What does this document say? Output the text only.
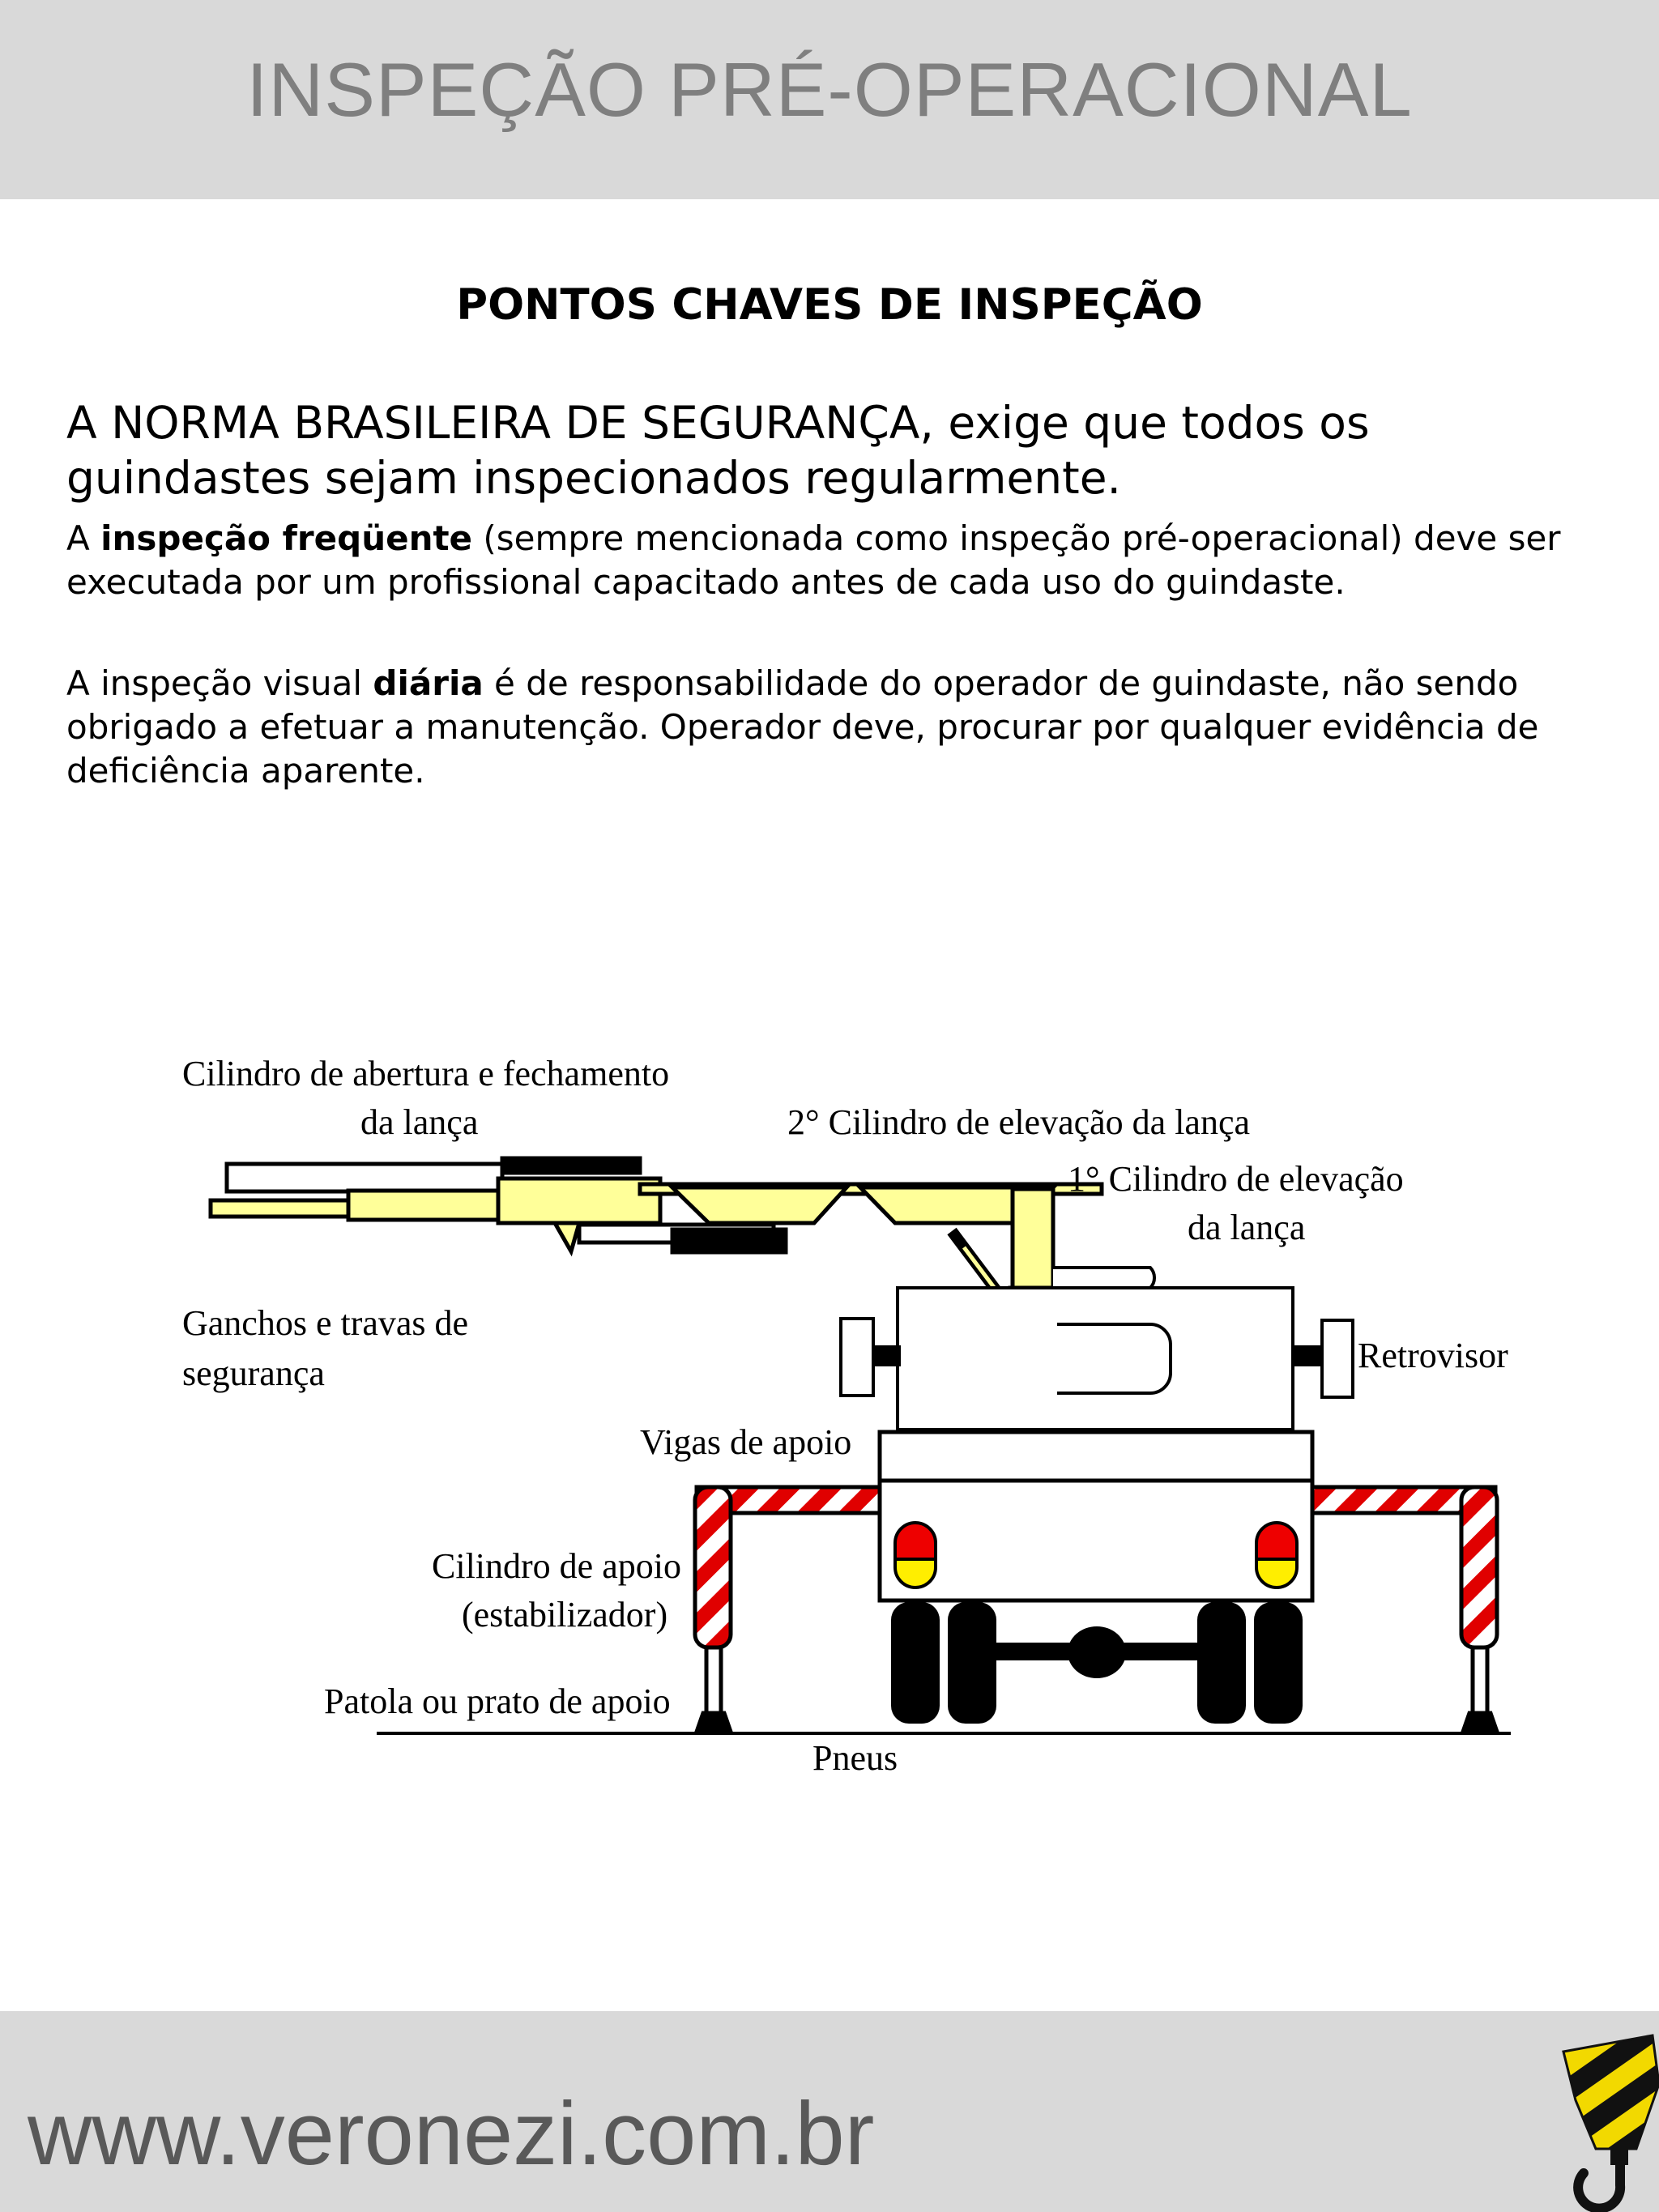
INSPEÇÃO PRÉ-OPERACIONAL
PONTOS CHAVES DE INSPEÇÃO
A NORMA BRASILEIRA DE SEGURANÇA, exige que todos os guindastes sejam inspecionados regularmente.

A inspeção freqüente (sempre mencionada como inspeção pré-operacional) deve ser executada por um profissional capacitado antes de cada uso do guindaste.

A inspeção visual diária é de responsabilidade do operador de guindaste, não sendo obrigado a efetuar a manutenção. Operador deve, procurar por qualquer evidência de deficiência aparente.

Cilindro de abertura e fechamento
da lança	2° Cilindro de elevação da lança
1° Cilindro de elevação
da lança
Ganchos e travas de
segurança	Retrovisor
Vigas de apoio
Cilindro de apoio
(estabilizador)
Patola ou prato de apoio
Pneus
www.veronezi.com.br
